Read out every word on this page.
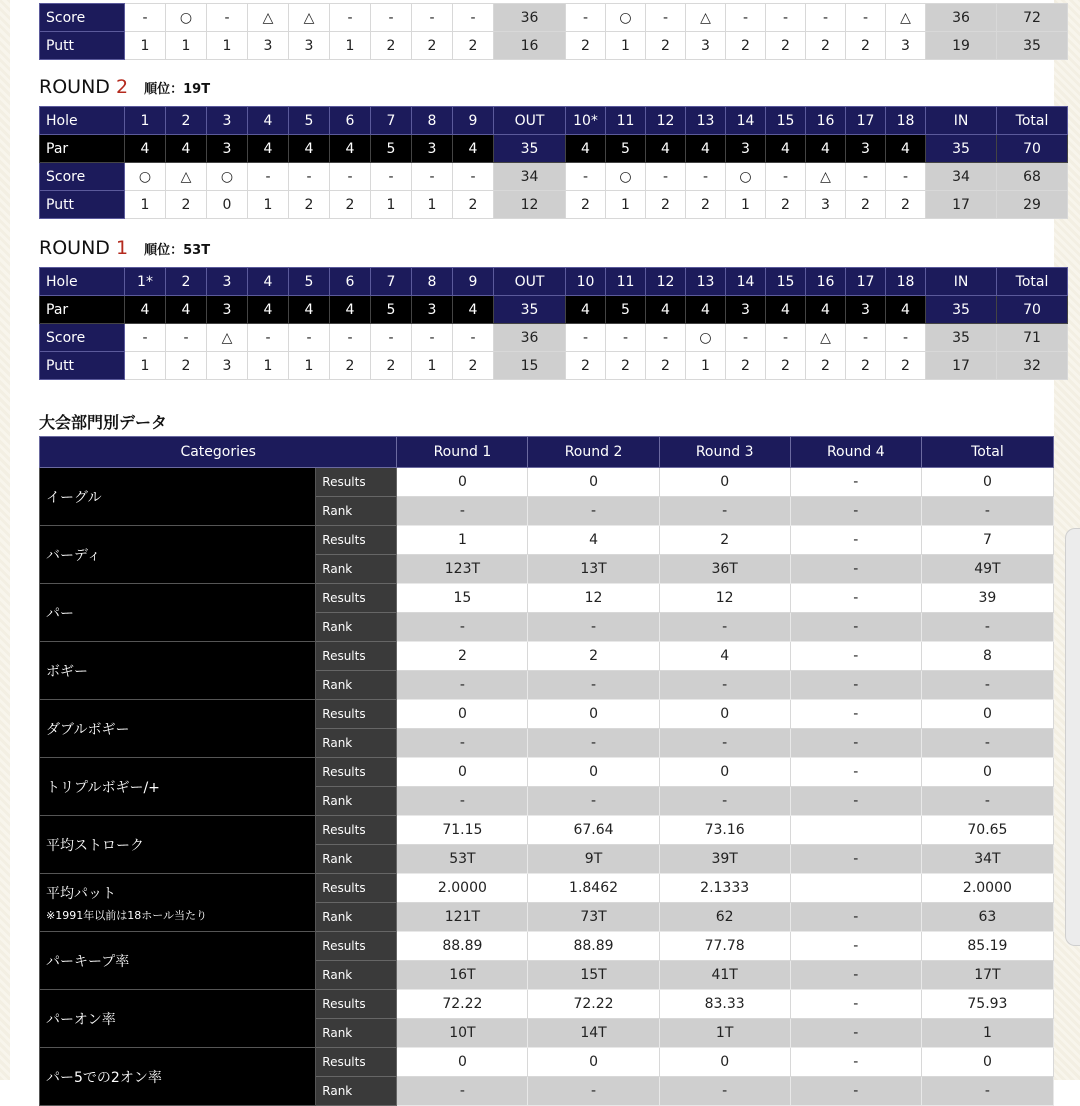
Score	-	○	-	△	△	-	-	-	-	36	-	○	-	△	-	-	-	-	△	36	72
Putt	1	1	1	3	3	1	2	2	2	16	2	1	2	3	2	2	2	2	3	19	35
ROUND 2 順位：19T
Hole	1	2	3	4	5	6	7	8	9	OUT	10*	11	12	13	14	15	16	17	18	IN	Total
Par	4	4	3	4	4	4	5	3	4	35	4	5	4	4	3	4	4	3	4	35	70
Score	○	△	○	-	-	-	-	-	-	34	-	○	-	-	○	-	△	-	-	34	68
Putt	1	2	0	1	2	2	1	1	2	12	2	1	2	2	1	2	3	2	2	17	29
ROUND 1 順位：53T
Hole	1*	2	3	4	5	6	7	8	9	OUT	10	11	12	13	14	15	16	17	18	IN	Total
Par	4	4	3	4	4	4	5	3	4	35	4	5	4	4	3	4	4	3	4	35	70
Score	-	-	△	-	-	-	-	-	-	36	-	-	-	○	-	-	△	-	-	35	71
Putt	1	2	3	1	1	2	2	1	2	15	2	2	2	1	2	2	2	2	2	17	32
大会部門別データ
Categories		Round 1	Round 2	Round 3	Round 4	Total
イーグル	Results	0	0	0	-	0
	Rank	-	-	-	-	-
バーディ	Results	1	4	2	-	7
	Rank	123T	13T	36T	-	49T
パー	Results	15	12	12	-	39
	Rank	-	-	-	-	-
ボギー	Results	2	2	4	-	8
	Rank	-	-	-	-	-
ダブルボギー	Results	0	0	0	-	0
	Rank	-	-	-	-	-
トリプルボギー/+	Results	0	0	0	-	0
	Rank	-	-	-	-	-
平均ストローク	Results	71.15	67.64	73.16		70.65
	Rank	53T	9T	39T	-	34T
平均パット
※1991年以前は18ホール当たり	Results	2.0000	1.8462	2.1333		2.0000
	Rank	121T	73T	62	-	63
パーキープ率	Results	88.89	88.89	77.78	-	85.19
	Rank	16T	15T	41T	-	17T
パーオン率	Results	72.22	72.22	83.33	-	75.93
	Rank	10T	14T	1T	-	1
パー5での2オン率	Results	0	0	0	-	0
	Rank	-	-	-	-	-
